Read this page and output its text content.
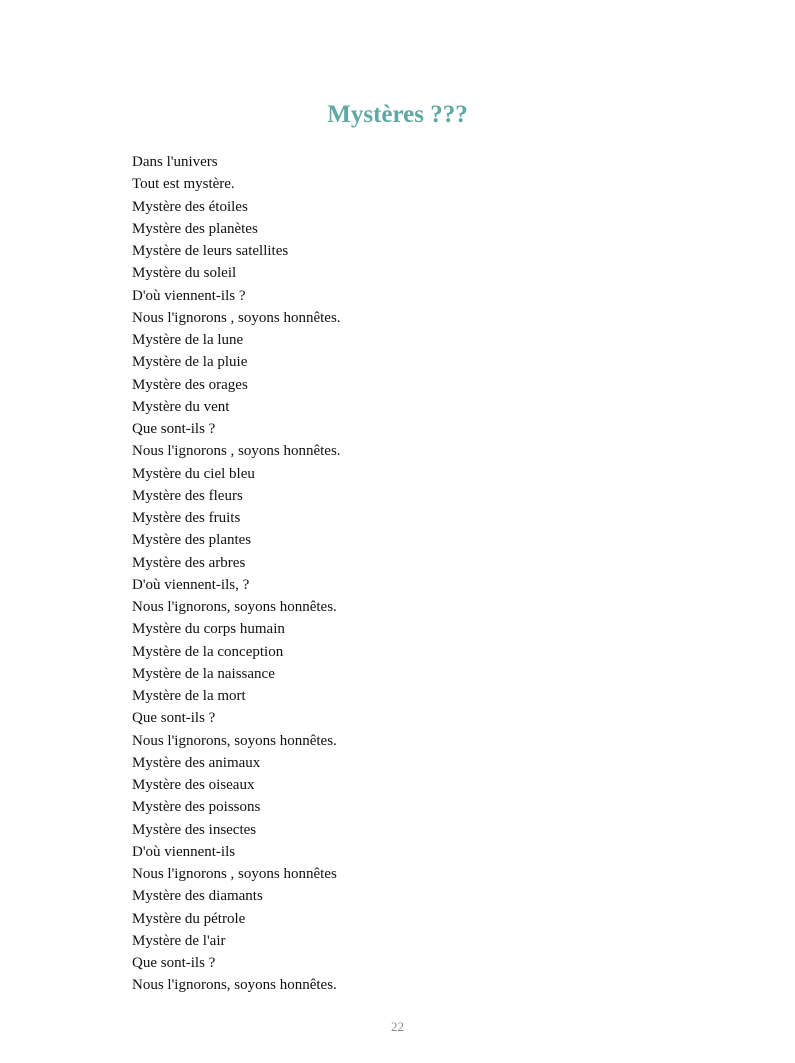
Mystères ???
Dans l'univers
Tout est mystère.
Mystère des étoiles
Mystère des planètes
Mystère de leurs satellites
Mystère du soleil
D'où viennent-ils ?
Nous l'ignorons , soyons honnêtes.
Mystère de la lune
Mystère de la pluie
Mystère des orages
Mystère du vent
Que sont-ils ?
Nous l'ignorons , soyons honnêtes.
Mystère du ciel bleu
Mystère des fleurs
Mystère des fruits
Mystère des plantes
Mystère des arbres
D'où viennent-ils, ?
Nous l'ignorons, soyons honnêtes.
Mystère du corps humain
Mystère de la conception
Mystère de la naissance
Mystère de la mort
Que sont-ils ?
Nous l'ignorons, soyons honnêtes.
Mystère des animaux
Mystère des oiseaux
Mystère des poissons
Mystère des insectes
D'où viennent-ils
Nous l'ignorons , soyons honnêtes
Mystère des diamants
Mystère du pétrole
Mystère de l'air
Que sont-ils ?
Nous l'ignorons, soyons honnêtes.
22
